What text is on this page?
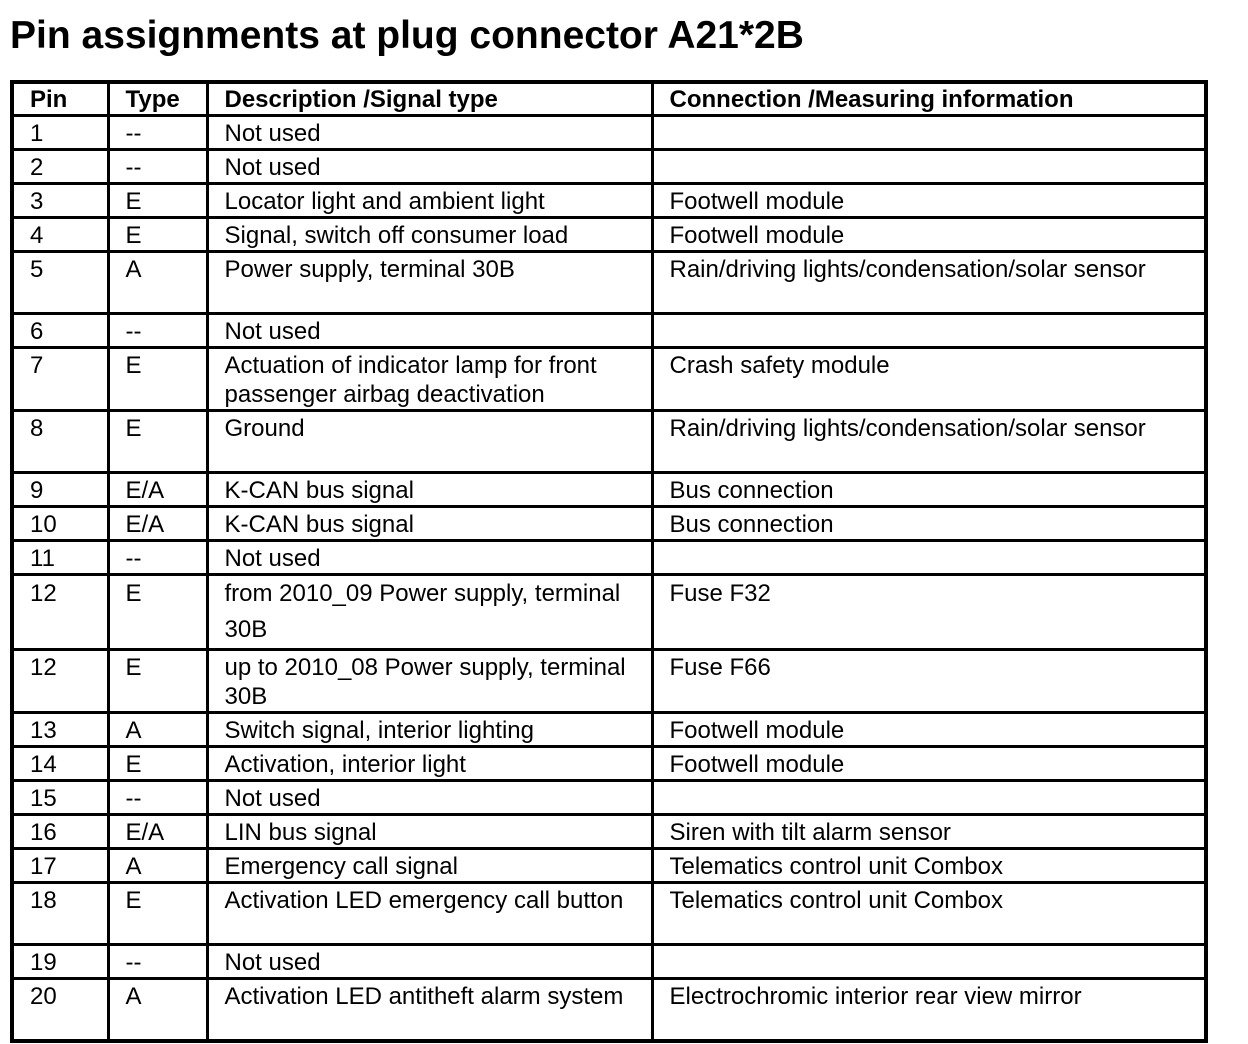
Pin assignments at plug connector A21*2B
Pin	Type	Description /Signal type	Connection /Measuring information
1	--	Not used	
2	--	Not used	
3	E	Locator light and ambient light	Footwell module
4	E	Signal, switch off consumer load	Footwell module
5	A	Power supply, terminal 30B	Rain/driving lights/condensation/solar sensor
6	--	Not used	
7	E	Actuation of indicator lamp for front passenger airbag deactivation	Crash safety module
8	E	Ground	Rain/driving lights/condensation/solar sensor
9	E/A	K-CAN bus signal	Bus connection
10	E/A	K-CAN bus signal	Bus connection
11	--	Not used	
12	E	from 2010_09 Power supply, terminal 30B	Fuse F32
12	E	up to 2010_08 Power supply, terminal 30B	Fuse F66
13	A	Switch signal, interior lighting	Footwell module
14	E	Activation, interior light	Footwell module
15	--	Not used	
16	E/A	LIN bus signal	Siren with tilt alarm sensor
17	A	Emergency call signal	Telematics control unit Combox
18	E	Activation LED emergency call button	Telematics control unit Combox
19	--	Not used	
20	A	Activation LED antitheft alarm system	Electrochromic interior rear view mirror
